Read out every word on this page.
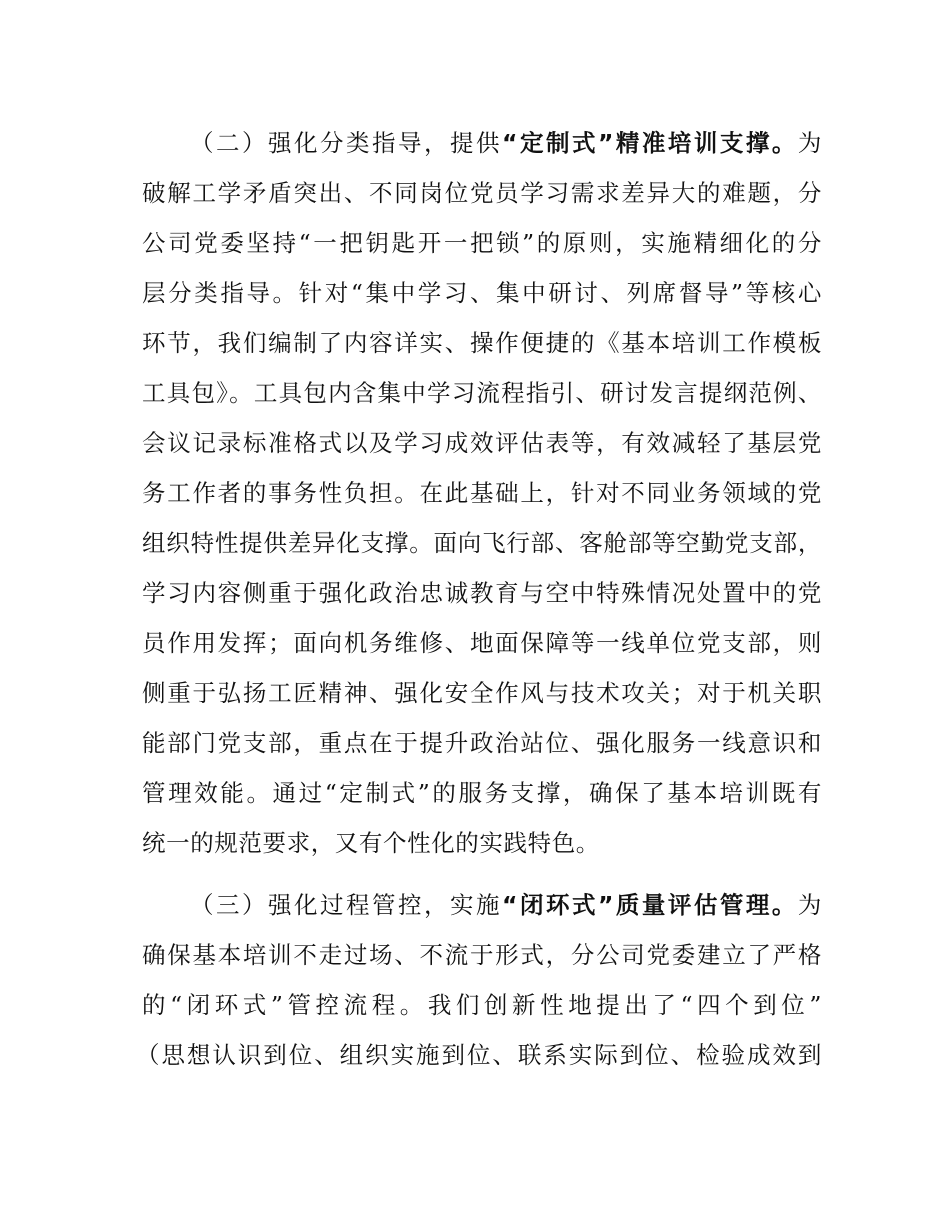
（二）强化分类指导，提供“定制式”精准培训支撑。为
破解工学矛盾突出、不同岗位党员学习需求差异大的难题，分
公司党委坚持“一把钥匙开一把锁”的原则，实施精细化的分
层分类指导。针对“集中学习、集中研讨、列席督导”等核心
环节，我们编制了内容详实、操作便捷的《基本培训工作模板
工具包》。工具包内含集中学习流程指引、研讨发言提纲范例、
会议记录标准格式以及学习成效评估表等，有效减轻了基层党
务工作者的事务性负担。在此基础上，针对不同业务领域的党
组织特性提供差异化支撑。面向飞行部、客舱部等空勤党支部，
学习内容侧重于强化政治忠诚教育与空中特殊情况处置中的党
员作用发挥；面向机务维修、地面保障等一线单位党支部，则
侧重于弘扬工匠精神、强化安全作风与技术攻关；对于机关职
能部门党支部，重点在于提升政治站位、强化服务一线意识和
管理效能。通过“定制式”的服务支撑，确保了基本培训既有
统一的规范要求，又有个性化的实践特色。
（三）强化过程管控，实施“闭环式”质量评估管理。为
确保基本培训不走过场、不流于形式，分公司党委建立了严格
的“闭环式”管控流程。我们创新性地提出了“四个到位”
（思想认识到位、组织实施到位、联系实际到位、检验成效到
